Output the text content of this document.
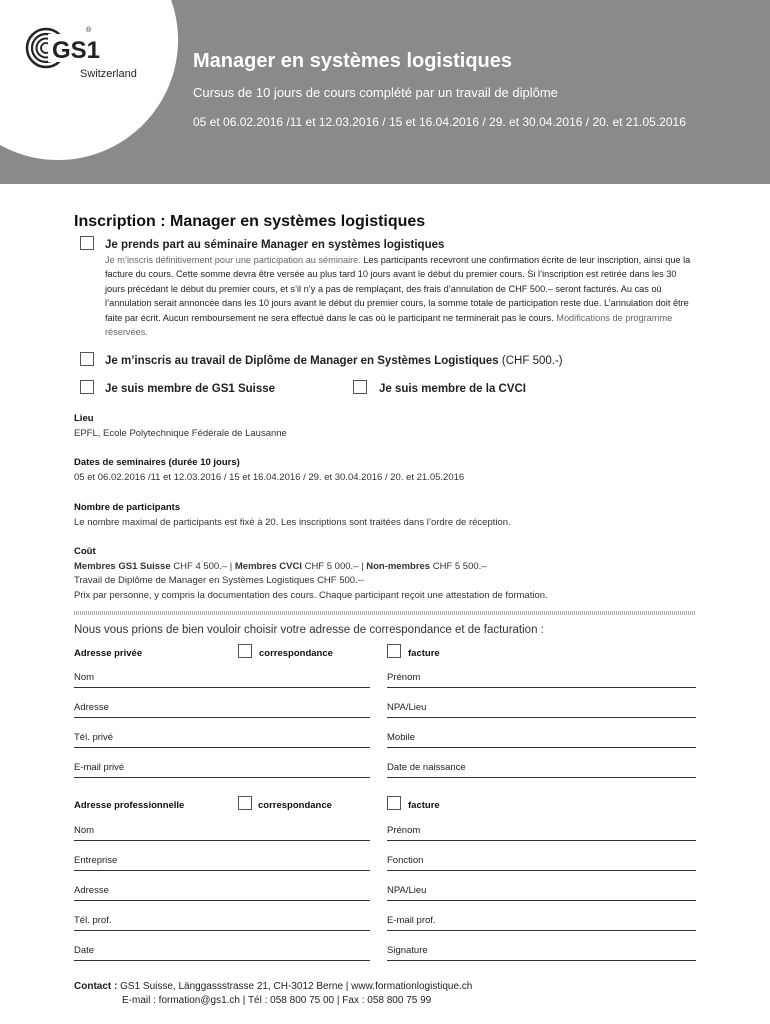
GS1
®
Switzerland
Manager en systèmes logistiques
Cursus de 10 jours de cours complété par un travail de diplôme
05 et 06.02.2016 /11 et 12.03.2016 / 15 et 16.04.2016 / 29. et 30.04.2016 / 20. et 21.05.2016
Inscription : Manager en systèmes logistiques
Je prends part au séminaire Manager en systèmes logistiques
Je m’inscris définitivement pour une participation au séminaire. Les participants recevront une confirmation écrite de leur inscription, ainsi que la facture du cours. Cette somme devra être versée au plus tard 10 jours avant le début du premier cours. Si l’inscription est retirée dans les 30 jours précédant le début du premier cours, et s’il n’y a pas de remplaçant, des frais d’annulation de CHF 500.– seront facturés. Au cas où l’annulation serait annoncée dans les 10 jours avant le début du premier cours, la somme totale de participation reste due. L’annulation doit être faite par écrit. Aucun remboursement ne sera effectué dans le cas où le participant ne terminerait pas le cours. Modifications de programme réservées.
Je m’inscris au travail de Diplôme de Manager en Systèmes Logistiques (CHF 500.-)
Je suis membre de GS1 Suisse	Je suis membre de la CVCI
Lieu
EPFL, Ecole Polytechnique Fédérale de Lausanne
Dates de seminaires (durée 10 jours)
05 et 06.02.2016 /11 et 12.03.2016 / 15 et 16.04.2016 / 29. et 30.04.2016 / 20. et 21.05.2016
Nombre de participants
Le nombre maximal de participants est fixé à 20. Les inscriptions sont traitées dans l’ordre de réception.
Coût
Membres GS1 Suisse CHF 4 500.– | Membres CVCI CHF 5 000.– | Non-membres CHF 5 500.–
Travail de Diplôme de Manager en Systèmes Logistiques CHF 500.--
Prix par personne, y compris la documentation des cours. Chaque participant reçoit une attestation de formation.
Nous vous prions de bien vouloir choisir votre adresse de correspondance et de facturation :
Adresse privée	correspondance	facture
Nom	Prénom
Adresse	NPA/Lieu
Tél. privé	Mobile
E-mail privé	Date de naissance
Adresse professionnelle	correspondance	facture
Nom	Prénom
Entreprise	Fonction
Adresse	NPA/Lieu
Tél. prof.	E-mail prof.
Date	Signature
Contact : GS1 Suisse, Länggassstrasse 21, CH-3012 Berne | www.formationlogistique.ch
E-mail : formation@gs1.ch | Tél : 058 800 75 00 | Fax : 058 800 75 99
